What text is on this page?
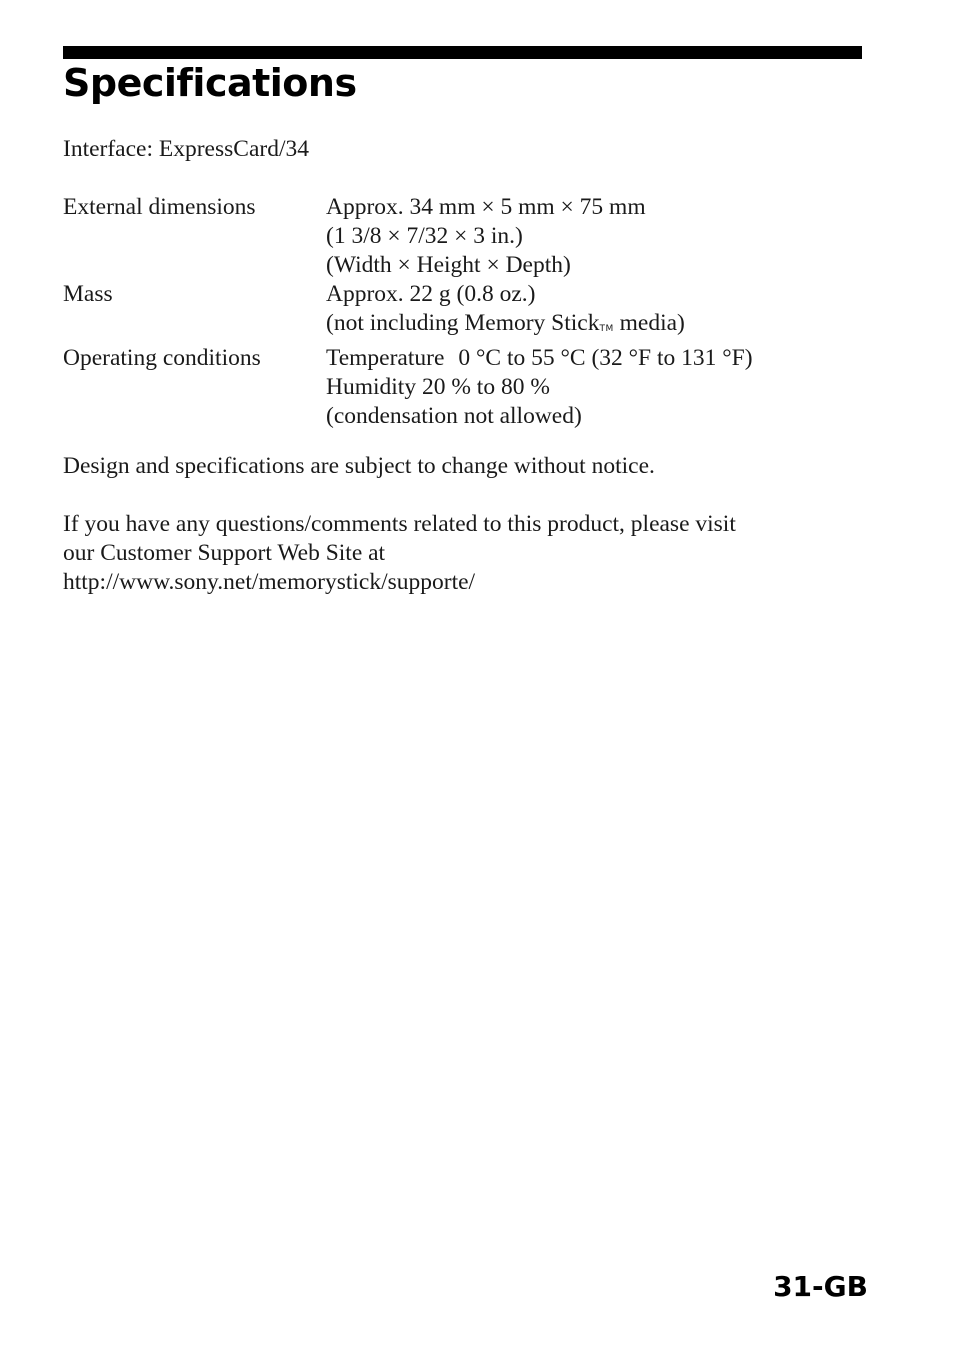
Specifications
Interface: ExpressCard/34
External dimensions	Approx. 34 mm × 5 mm × 75 mm
(1 3/8 × 7/32 × 3 in.)
(Width × Height × Depth)
Mass	Approx. 22 g (0.8 oz.)
(not including Memory StickTM media)
Operating conditions	Temperature 0 °C to 55 °C (32 °F to 131 °F)
Humidity 20 % to 80 %
(condensation not allowed)
Design and specifications are subject to change without notice.
If you have any questions/comments related to this product, please visit
our Customer Support Web Site at
http://www.sony.net/memorystick/supporte/
31-GB
